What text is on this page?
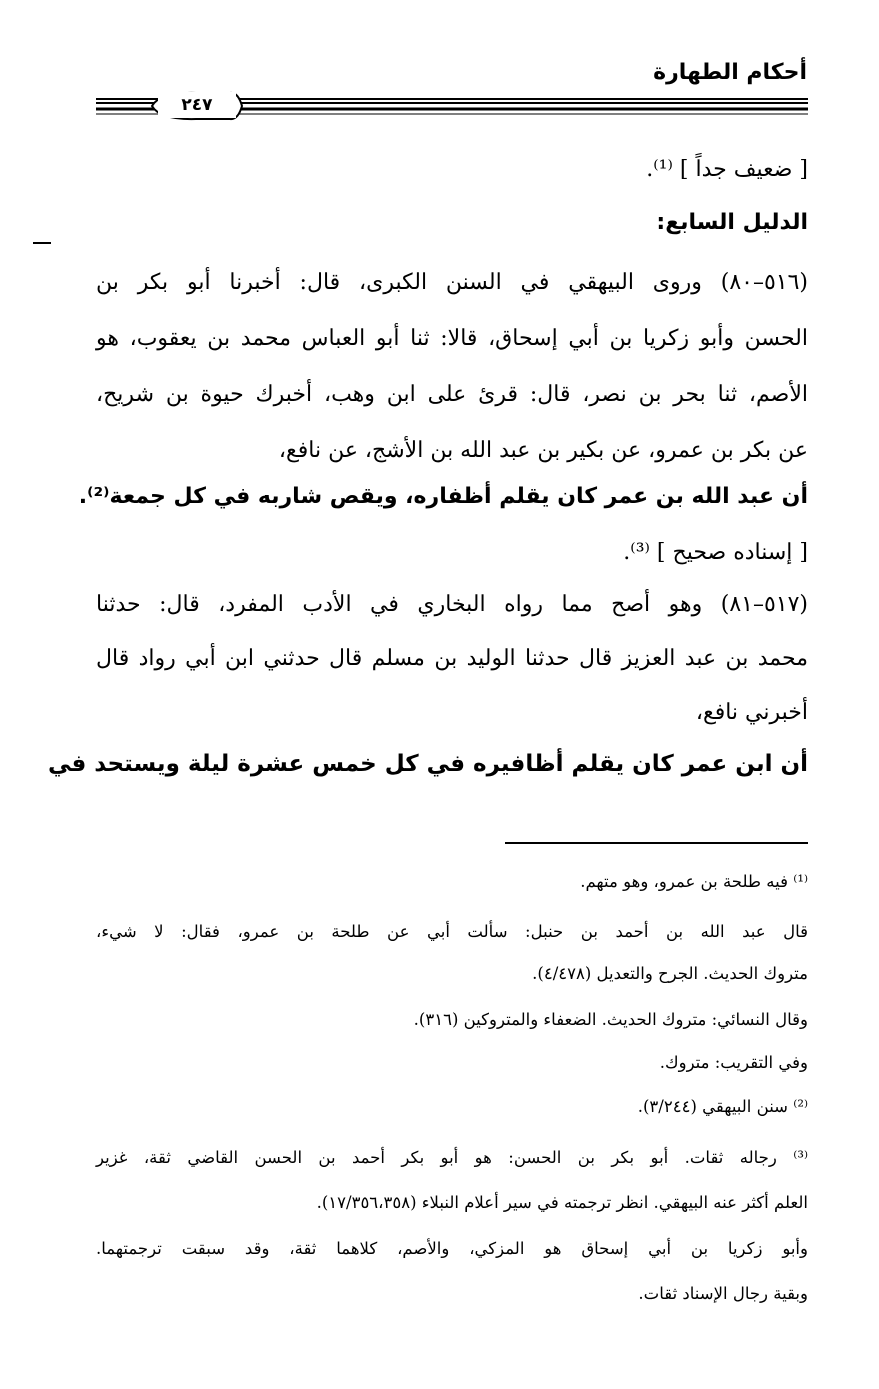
أحكام الطهارة
٢٤٧
[ ضعيف جداً ] ⁽¹⁾.
الدليل السابع:
(٥١٦–٨٠) وروى البيهقي في السنن الكبرى، قال: أخبرنا أبو بكر بن
الحسن وأبو زكريا بن أبي إسحاق، قالا: ثنا أبو العباس محمد بن يعقوب، هو
الأصم، ثنا بحر بن نصر، قال: قرئ على ابن وهب، أخبرك حيوة بن شريح،
عن بكر بن عمرو، عن بكير بن عبد الله بن الأشج، عن نافع،
أن عبد الله بن عمر كان يقلم أظفاره، ويقص شاربه في كل جمعة⁽²⁾.
[ إسناده صحيح ] ⁽³⁾.
(٥١٧–٨١) وهو أصح مما رواه البخاري في الأدب المفرد، قال: حدثنا
محمد بن عبد العزيز قال حدثنا الوليد بن مسلم قال حدثني ابن أبي رواد قال
أخبرني نافع،
أن ابن عمر كان يقلم أظافيره في كل خمس عشرة ليلة ويستحد في
⁽¹⁾ فيه طلحة بن عمرو، وهو متهم.
قال عبد الله بن أحمد بن حنبل: سألت أبي عن طلحة بن عمرو، فقال: لا شيء،
متروك الحديث. الجرح والتعديل (٤/٤٧٨).
وقال النسائي: متروك الحديث. الضعفاء والمتروكين (٣١٦).
وفي التقريب: متروك.
⁽²⁾ سنن البيهقي (٣/٢٤٤).
⁽³⁾ رجاله ثقات. أبو بكر بن الحسن: هو أبو بكر أحمد بن الحسن القاضي ثقة، غزير
العلم أكثر عنه البيهقي. انظر ترجمته في سير أعلام النبلاء (١٧/٣٥٦،٣٥٨).
وأبو زكريا بن أبي إسحاق هو المزكي، والأصم، كلاهما ثقة، وقد سبقت ترجمتهما.
وبقية رجال الإسناد ثقات.
